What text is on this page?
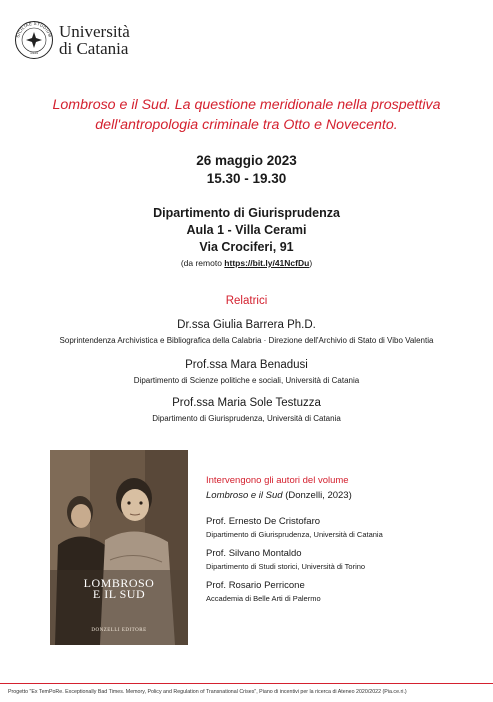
SICILIAE STUDIUM
1434
Università
di Catania
Lombroso e il Sud. La questione meridionale nella prospettiva
dell'antropologia criminale tra Otto e Novecento.
26 maggio 2023
15.30 - 19.30
Dipartimento di Giurisprudenza
Aula 1 - Villa Cerami
Via Crociferi, 91
(da remoto https://bit.ly/41NcfDu)
Relatrici
Dr.ssa Giulia Barrera Ph.D.
Soprintendenza Archivistica e Bibliografica della Calabria · Direzione dell'Archivio di Stato di Vibo Valentia
Prof.ssa Mara Benadusi
Dipartimento di Scienze politiche e sociali, Università di Catania
Prof.ssa Maria Sole Testuzza
Dipartimento di Giurisprudenza, Università di Catania
LOMBROSO
E IL SUD
DONZELLI EDITORE
Intervengono gli autori del volume
Lombroso e il Sud (Donzelli, 2023)
Prof. Ernesto De Cristofaro
Dipartimento di Giurisprudenza, Università di Catania
Prof. Silvano Montaldo
Dipartimento di Studi storici, Università di Torino
Prof. Rosario Perricone
Accademia di Belle Arti di Palermo
Progetto "Ex TemPoRe. Exceptionally Bad Times. Memory, Policy and Regulation of Transnational Crises", Piano di incentivi per la ricerca di Ateneo 2020/2022 (Pia.ce.ri.)
